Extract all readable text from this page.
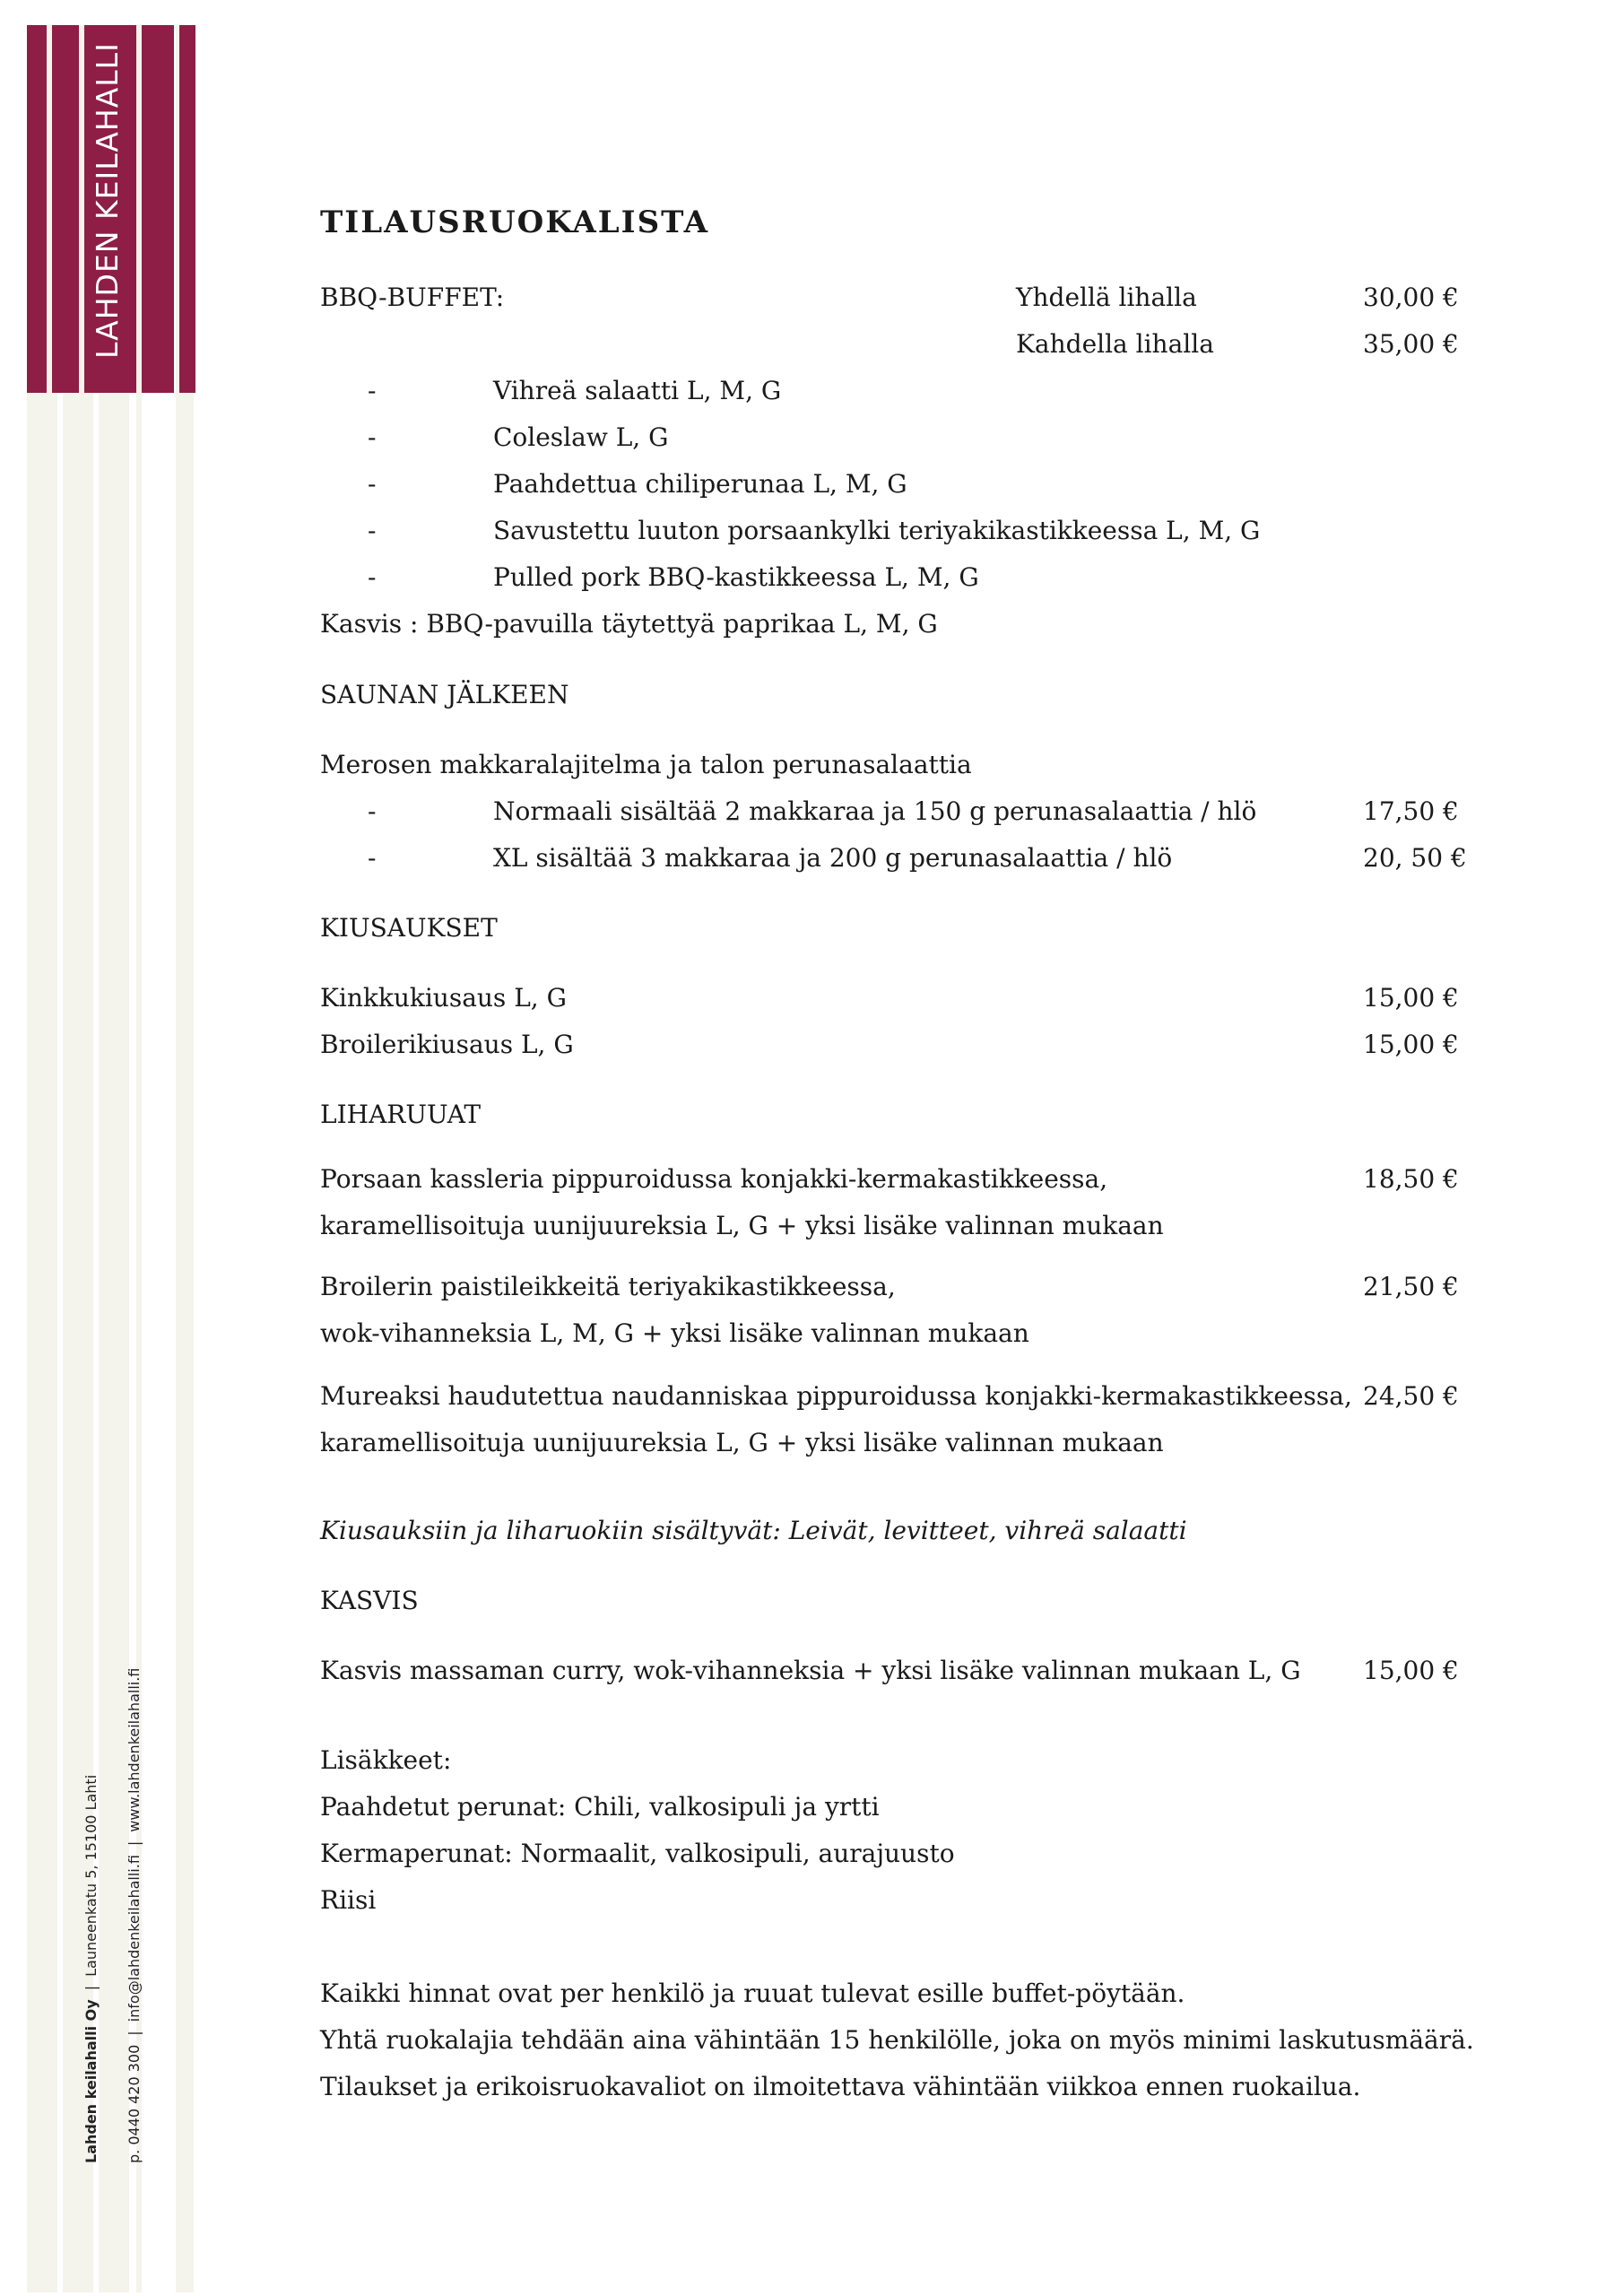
LAHDEN KEILAHALLI
Lahden keilahalli Oy|Launeenkatu 5, 15100 Lahti
p. 0440 420 300|info@lahdenkeilahalli.fi|www.lahdenkeilahalli.fi
TILAUSRUOKALISTA
BBQ-BUFFET:	Yhdellä lihalla	30,00 €
Kahdella lihalla	35,00 €
-	Vihreä salaatti L, M, G
-	Coleslaw L, G
-	Paahdettua chiliperunaa L, M, G
-	Savustettu luuton porsaankylki teriyakikastikkeessa L, M, G
-	Pulled pork BBQ-kastikkeessa L, M, G
Kasvis : BBQ-pavuilla täytettyä paprikaa L, M, G
SAUNAN JÄLKEEN
Merosen makkaralajitelma ja talon perunasalaattia
-	Normaali sisältää 2 makkaraa ja 150 g perunasalaattia / hlö	17,50 €
-	XL sisältää 3 makkaraa ja 200 g perunasalaattia / hlö	20, 50 €
KIUSAUKSET
Kinkkukiusaus L, G	15,00 €
Broilerikiusaus L, G	15,00 €
LIHARUUAT
Porsaan kassleria pippuroidussa konjakki-kermakastikkeessa,	18,50 €
karamellisoituja uunijuureksia L, G + yksi lisäke valinnan mukaan
Broilerin paistileikkeitä teriyakikastikkeessa,	21,50 €
wok-vihanneksia L, M, G + yksi lisäke valinnan mukaan
Mureaksi haudutettua naudanniskaa pippuroidussa konjakki-kermakastikkeessa, 24,50 €
karamellisoituja uunijuureksia L, G + yksi lisäke valinnan mukaan
Kiusauksiin ja liharuokiin sisältyvät: Leivät, levitteet, vihreä salaatti
KASVIS
Kasvis massaman curry, wok-vihanneksia + yksi lisäke valinnan mukaan L, G 15,00 €
Lisäkkeet:
Paahdetut perunat: Chili, valkosipuli ja yrtti
Kermaperunat: Normaalit, valkosipuli, aurajuusto
Riisi
Kaikki hinnat ovat per henkilö ja ruuat tulevat esille buffet-pöytään.
Yhtä ruokalajia tehdään aina vähintään 15 henkilölle, joka on myös minimi laskutusmäärä.
Tilaukset ja erikoisruokavaliot on ilmoitettava vähintään viikkoa ennen ruokailua.
